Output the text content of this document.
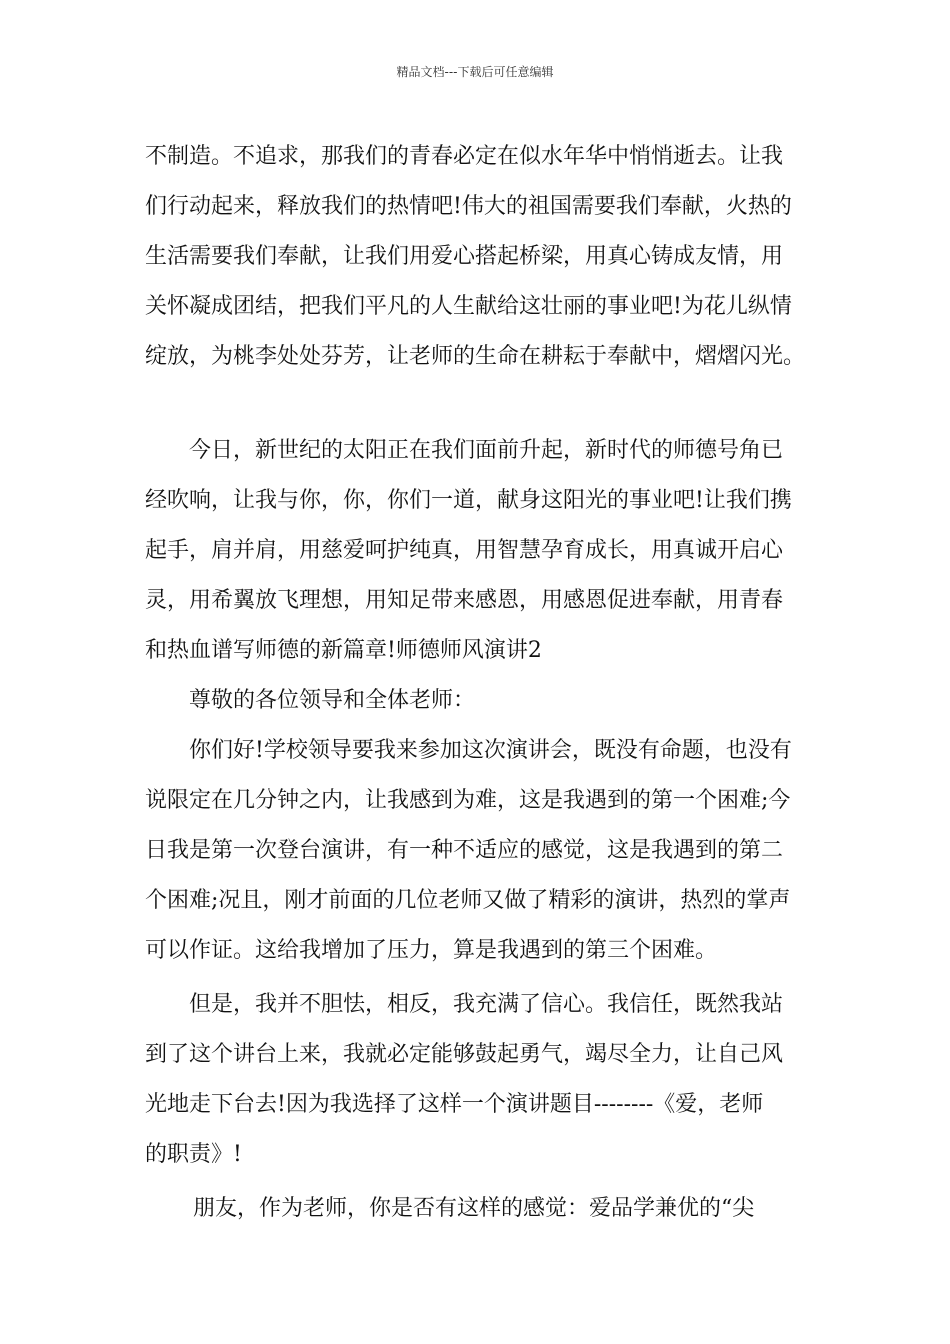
精品文档---下载后可任意编辑
不制造。不追求，那我们的青春必定在似水年华中悄悄逝去。让我
们行动起来，释放我们的热情吧!伟大的祖国需要我们奉献，火热的
生活需要我们奉献，让我们用爱心搭起桥梁，用真心铸成友情，用
关怀凝成团结，把我们平凡的人生献给这壮丽的事业吧!为花儿纵情
绽放，为桃李处处芬芳，让老师的生命在耕耘于奉献中，熠熠闪光。
今日，新世纪的太阳正在我们面前升起，新时代的师德号角已
经吹响，让我与你，你，你们一道，献身这阳光的事业吧!让我们携
起手，肩并肩，用慈爱呵护纯真，用智慧孕育成长，用真诚开启心
灵，用希翼放飞理想，用知足带来感恩，用感恩促进奉献，用青春
和热血谱写师德的新篇章!师德师风演讲2
尊敬的各位领导和全体老师：
你们好!学校领导要我来参加这次演讲会，既没有命题，也没有
说限定在几分钟之内，让我感到为难，这是我遇到的第一个困难;今
日我是第一次登台演讲，有一种不适应的感觉，这是我遇到的第二
个困难;况且，刚才前面的几位老师又做了精彩的演讲，热烈的掌声
可以作证。这给我增加了压力，算是我遇到的第三个困难。
但是，我并不胆怯，相反，我充满了信心。我信任，既然我站
到了这个讲台上来，我就必定能够鼓起勇气，竭尽全力，让自己风
光地走下台去!因为我选择了这样一个演讲题目--------《爱，老师
的职责》!
朋友，作为老师，你是否有这样的感觉：爱品学兼优的“尖
